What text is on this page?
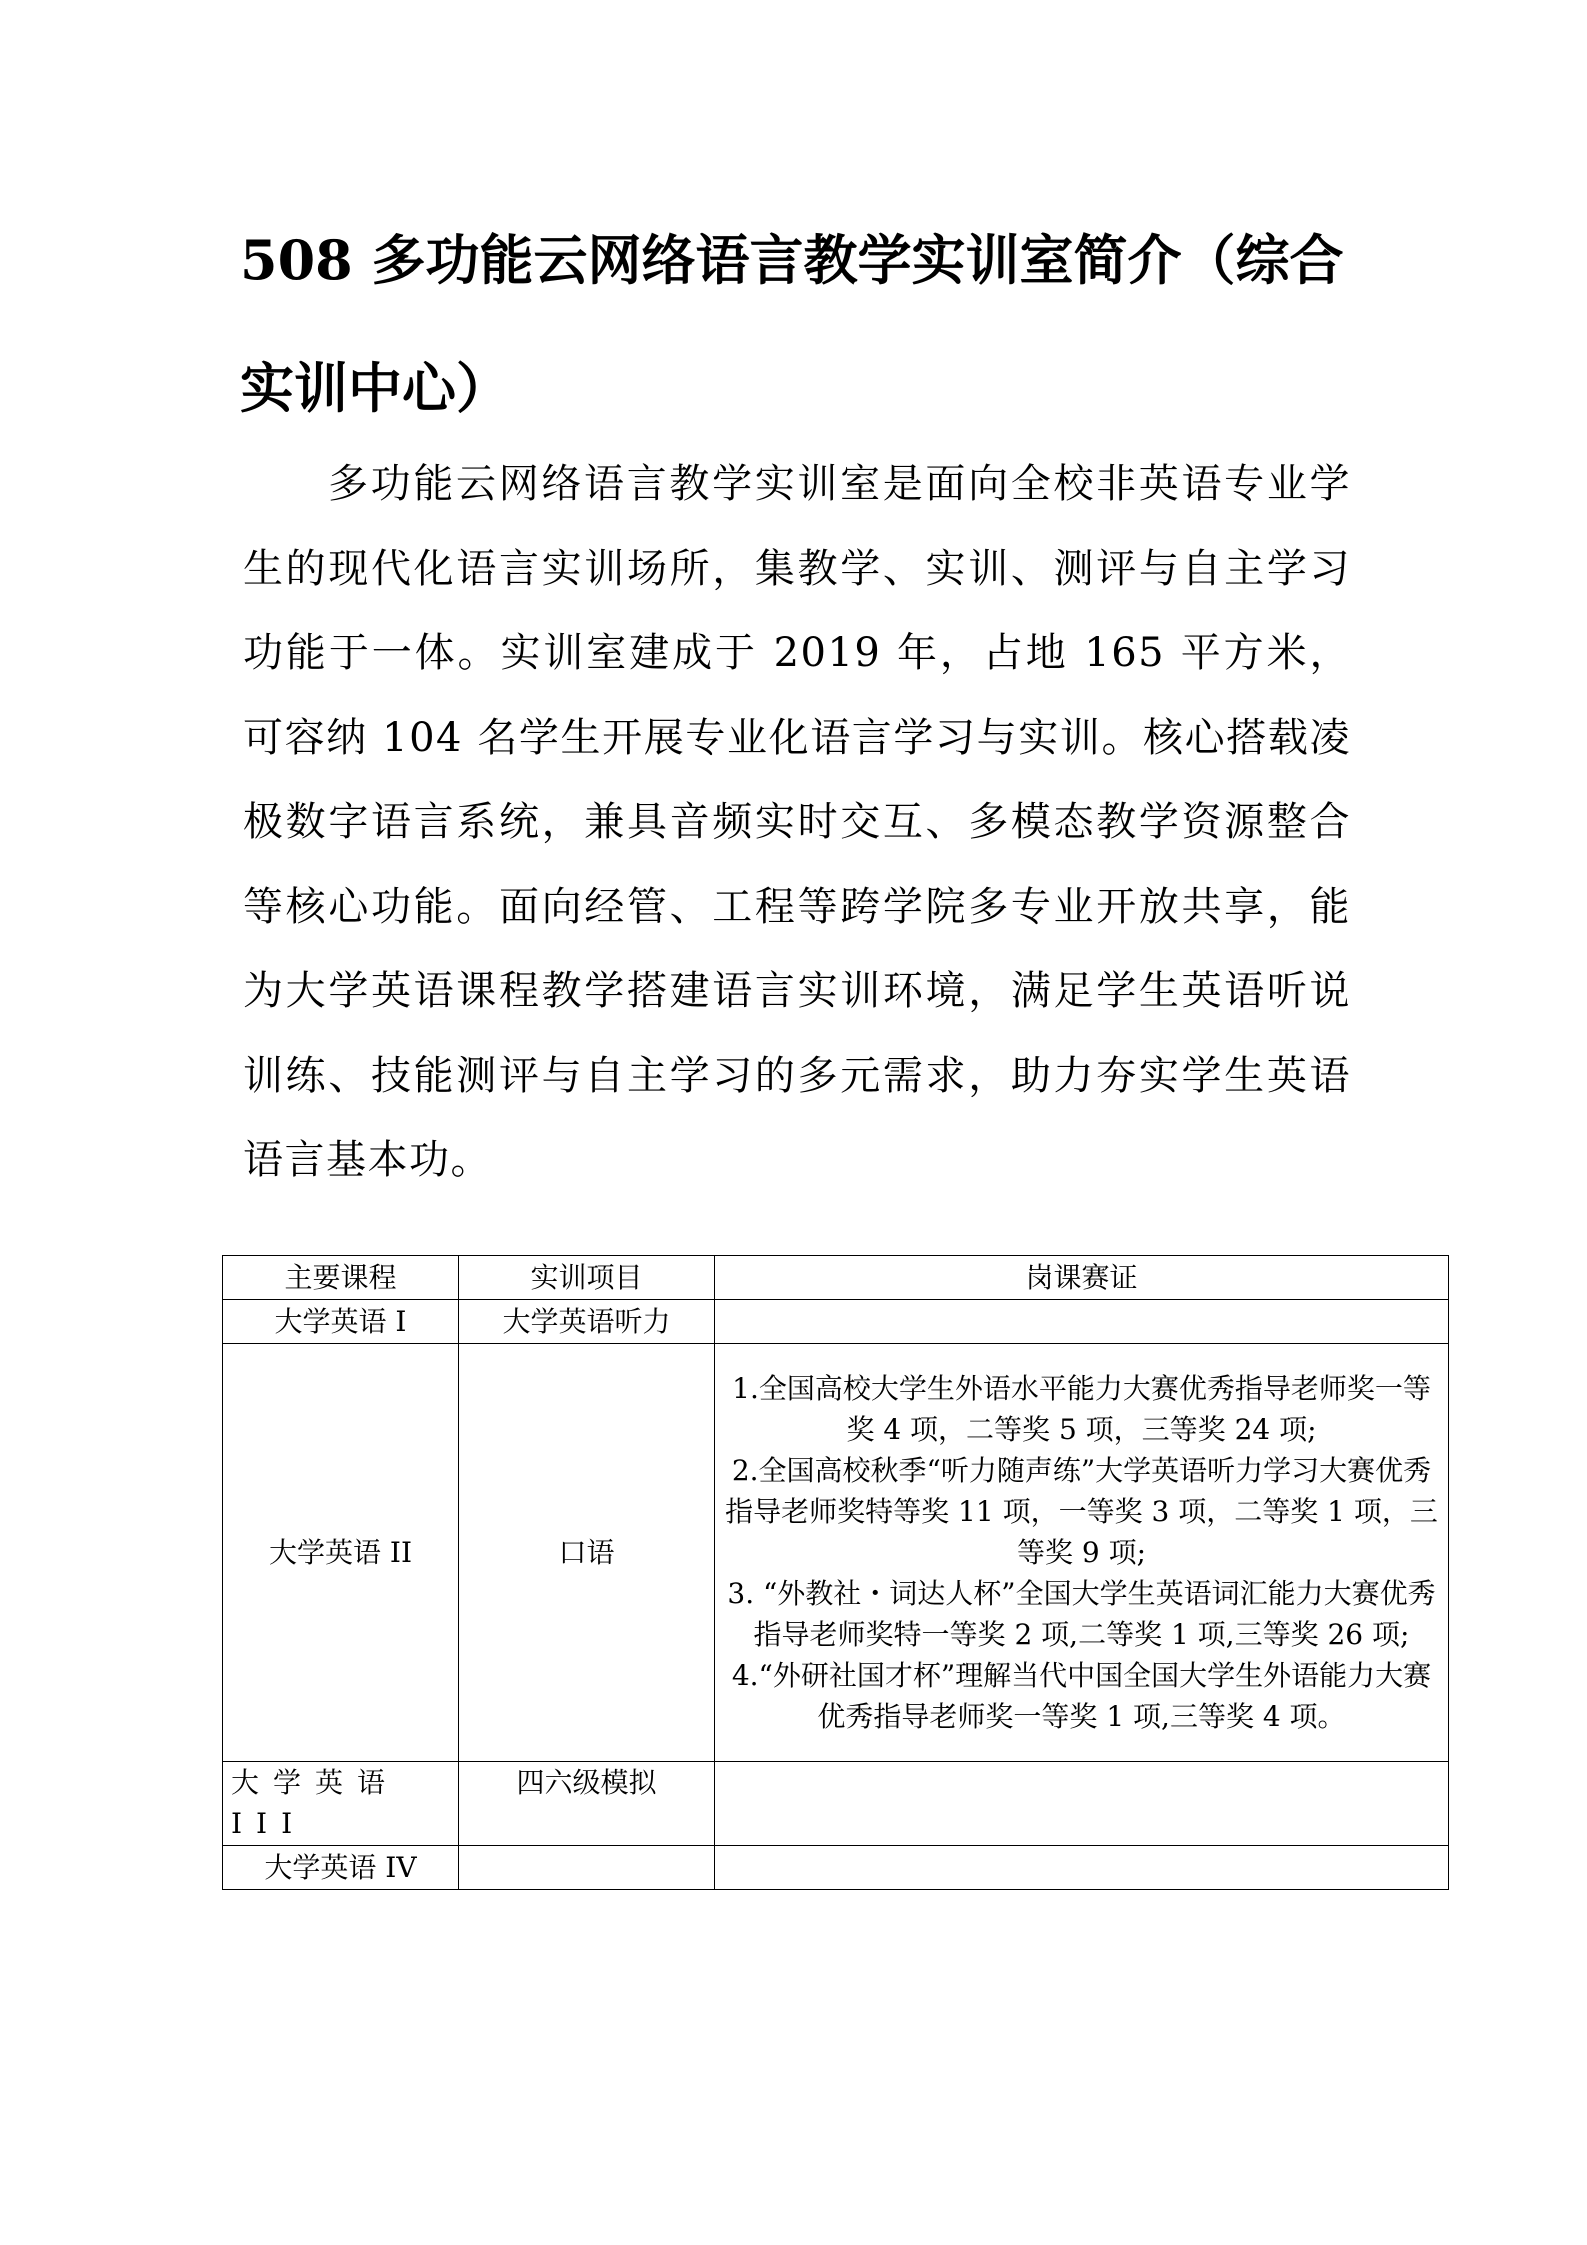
508 多功能云网络语言教学实训室简介（综合实训中心）

多功能云网络语言教学实训室是面向全校非英语专业学生的现代化语言实训场所，集教学、实训、测评与自主学习功能于一体。实训室建成于 2019 年，占地 165 平方米，可容纳 104 名学生开展专业化语言学习与实训。核心搭载凌极数字语言系统，兼具音频实时交互、多模态教学资源整合等核心功能。面向经管、工程等跨学院多专业开放共享，能为大学英语课程教学搭建语言实训环境，满足学生英语听说训练、技能测评与自主学习的多元需求，助力夯实学生英语语言基本功。

主要课程	实训项目	岗课赛证
大学英语 I	大学英语听力	
大学英语 II	口语	1.全国高校大学生外语水平能力大赛优秀指导老师奖一等奖 4 项，二等奖 5 项，三等奖 24 项;
2.全国高校秋季“听力随声练”大学英语听力学习大赛优秀指导老师奖特等奖 11 项，一等奖 3 项，二等奖 1 项，三等奖 9 项;
3. “外教社・词达人杯”全国大学生英语词汇能力大赛优秀指导老师奖特一等奖 2 项,二等奖 1 项,三等奖 26 项;
4.“外研社国才杯”理解当代中国全国大学生外语能力大赛优秀指导老师奖一等奖 1 项,三等奖 4 项。

大学英语 III	四六级模拟	
大学英语 IV		
